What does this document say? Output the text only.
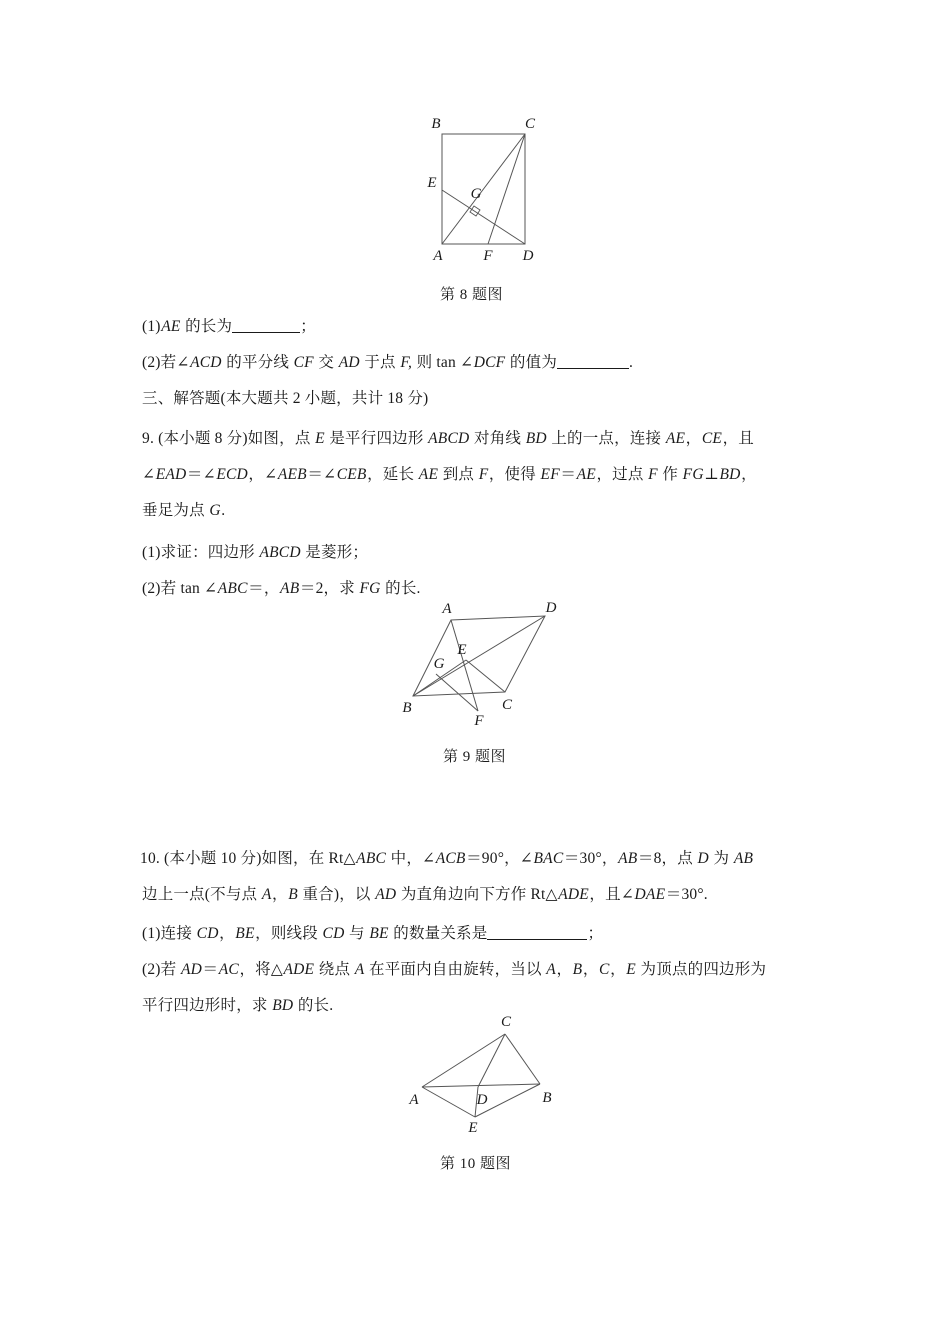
B	C
E
G
A	F D
第 8 题图
(1)AE 的长为	；
(2)若∠ACD 的平分线 CF 交 AD 于点 F, 则 tan ∠DCF 的值为	.
三、解答题(本大题共 2 小题，共计 18 分)
9. (本小题 8 分)如图，点 E 是平行四边形 ABCD 对角线 BD 上的一点，连接 AE，CE，且
∠EAD＝∠ECD，∠AEB＝∠CEB，延长 AE 到点 F，使得 EF＝AE，过点 F 作 FG⊥BD，
垂足为点 G.
(1)求证：四边形 ABCD 是菱形；
(2)若 tan ∠ABC＝，AB＝2，求 FG 的长.
A	D
E
G
B	C
F
第 9 题图
10. (本小题 10 分)如图，在 Rt△ABC 中，∠ACB＝90°，∠BAC＝30°，AB＝8，点 D 为 AB
边上一点(不与点 A，B 重合)，以 AD 为直角边向下方作 Rt△ADE，且∠DAE＝30°.
(1)连接 CD，BE，则线段 CD 与 BE 的数量关系是	；
(2)若 AD＝AC，将△ADE 绕点 A 在平面内自由旋转，当以 A，B，C，E 为顶点的四边形为
平行四边形时，求 BD 的长.
C
A	D	B
E
第 10 题图
